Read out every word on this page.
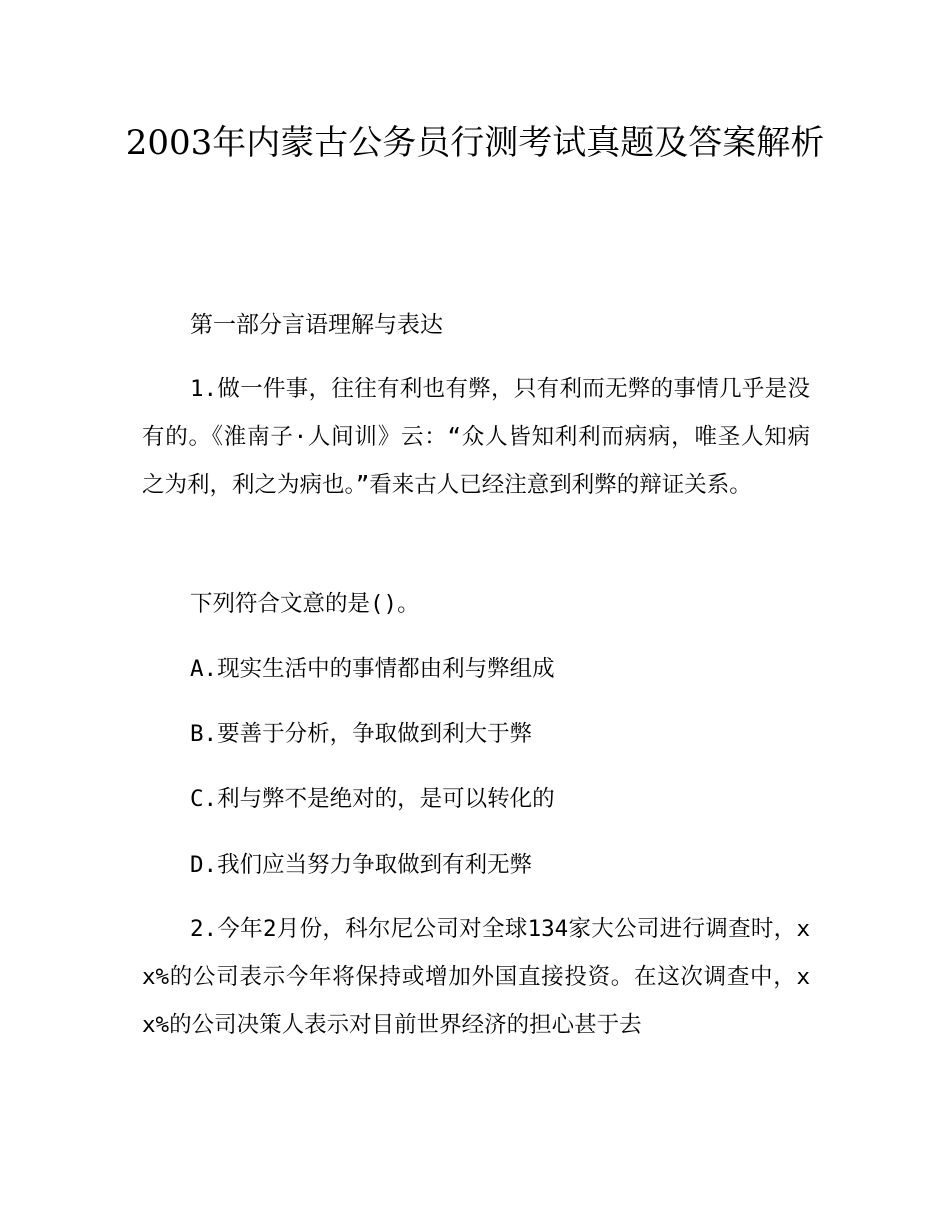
2003年内蒙古公务员行测考试真题及答案解析
第一部分言语理解与表达

1.做一件事，往往有利也有弊，只有利而无弊的事情几乎是没有的。《淮南子·人间训》云：“众人皆知利利而病病，唯圣人知病之为利，利之为病也。”看来古人已经注意到利弊的辩证关系。

下列符合文意的是()。

A.现实生活中的事情都由利与弊组成

B.要善于分析，争取做到利大于弊

C.利与弊不是绝对的，是可以转化的

D.我们应当努力争取做到有利无弊

2.今年2月份，科尔尼公司对全球134家大公司进行调查时，xx%的公司表示今年将保持或增加外国直接投资。在这次调查中，xx%的公司决策人表示对目前世界经济的担心甚于去
